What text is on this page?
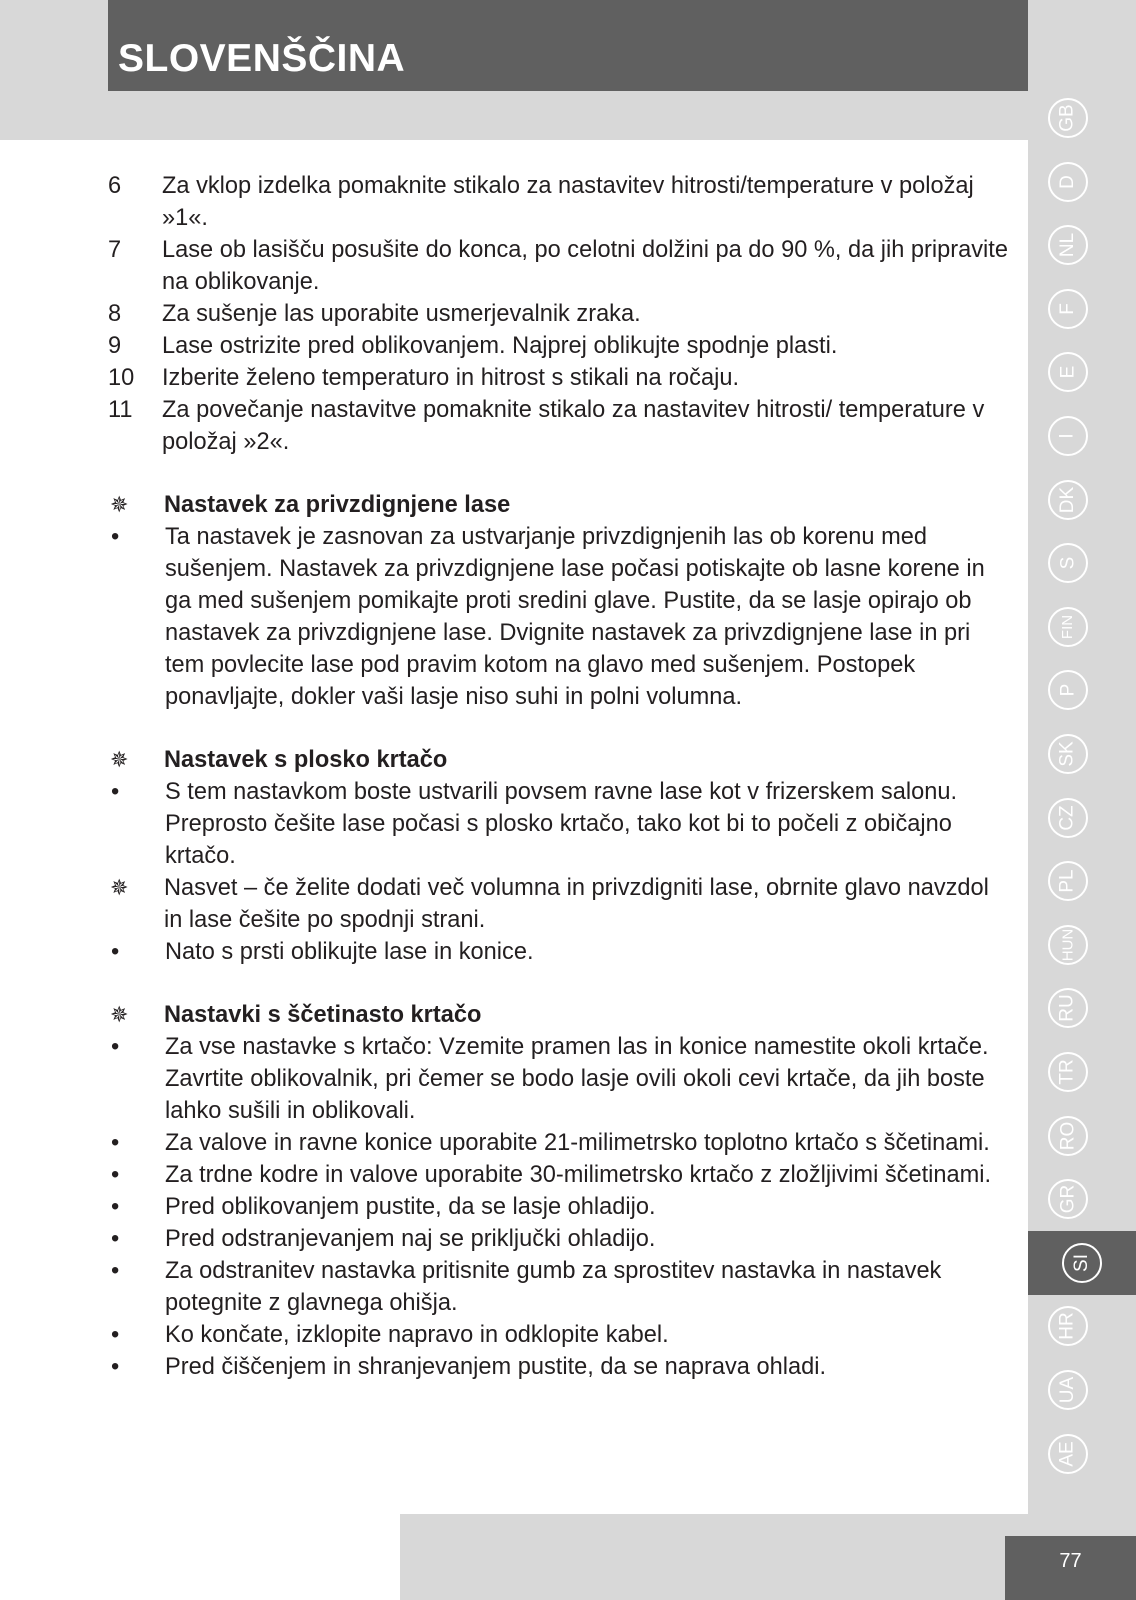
SLOVENŠČINA
GB
D
NL
F
E
I
DK
S
FIN
P
SK
CZ
PL
HUN
RU
TR
RO
GR
SI
HR
UA
AE
77
6	Za vklop izdelka pomaknite stikalo za nastavitev hitrosti/temperature v položaj »1«.
7	Lase ob lasišču posušite do konca, po celotni dolžini pa do 90 %, da jih pripravite na oblikovanje.
8	Za sušenje las uporabite usmerjevalnik zraka.
9	Lase ostrizite pred oblikovanjem. Najprej oblikujte spodnje plasti.
10	Izberite želeno temperaturo in hitrost s stikali na ročaju.
11	Za povečanje nastavitve pomaknite stikalo za nastavitev hitrosti/ temperature v položaj »2«.
✵	Nastavek za privzdignjene lase
•	Ta nastavek je zasnovan za ustvarjanje privzdignjenih las ob korenu med sušenjem. Nastavek za privzdignjene lase počasi potiskajte ob lasne korene in ga med sušenjem pomikajte proti sredini glave. Pustite, da se lasje opirajo ob nastavek za privzdignjene lase. Dvignite nastavek za privzdignjene lase in pri tem povlecite lase pod pravim kotom na glavo med sušenjem. Postopek ponavljajte, dokler vaši lasje niso suhi in polni volumna.
✵	Nastavek s plosko krtačo
•	S tem nastavkom boste ustvarili povsem ravne lase kot v frizerskem salonu. Preprosto češite lase počasi s plosko krtačo, tako kot bi to počeli z običajno krtačo.
✵	Nasvet – če želite dodati več volumna in privzdigniti lase, obrnite glavo navzdol in lase češite po spodnji strani.
•	Nato s prsti oblikujte lase in konice.
✵	Nastavki s ščetinasto krtačo
•	Za vse nastavke s krtačo: Vzemite pramen las in konice namestite okoli krtače. Zavrtite oblikovalnik, pri čemer se bodo lasje ovili okoli cevi krtače, da jih boste lahko sušili in oblikovali.
•	Za valove in ravne konice uporabite 21-milimetrsko toplotno krtačo s ščetinami.
•	Za trdne kodre in valove uporabite 30-milimetrsko krtačo z zložljivimi ščetinami.
•	Pred oblikovanjem pustite, da se lasje ohladijo.
•	Pred odstranjevanjem naj se priključki ohladijo.
•	Za odstranitev nastavka pritisnite gumb za sprostitev nastavka in nastavek potegnite z glavnega ohišja.
•	Ko končate, izklopite napravo in odklopite kabel.
•	Pred čiščenjem in shranjevanjem pustite, da se naprava ohladi.
